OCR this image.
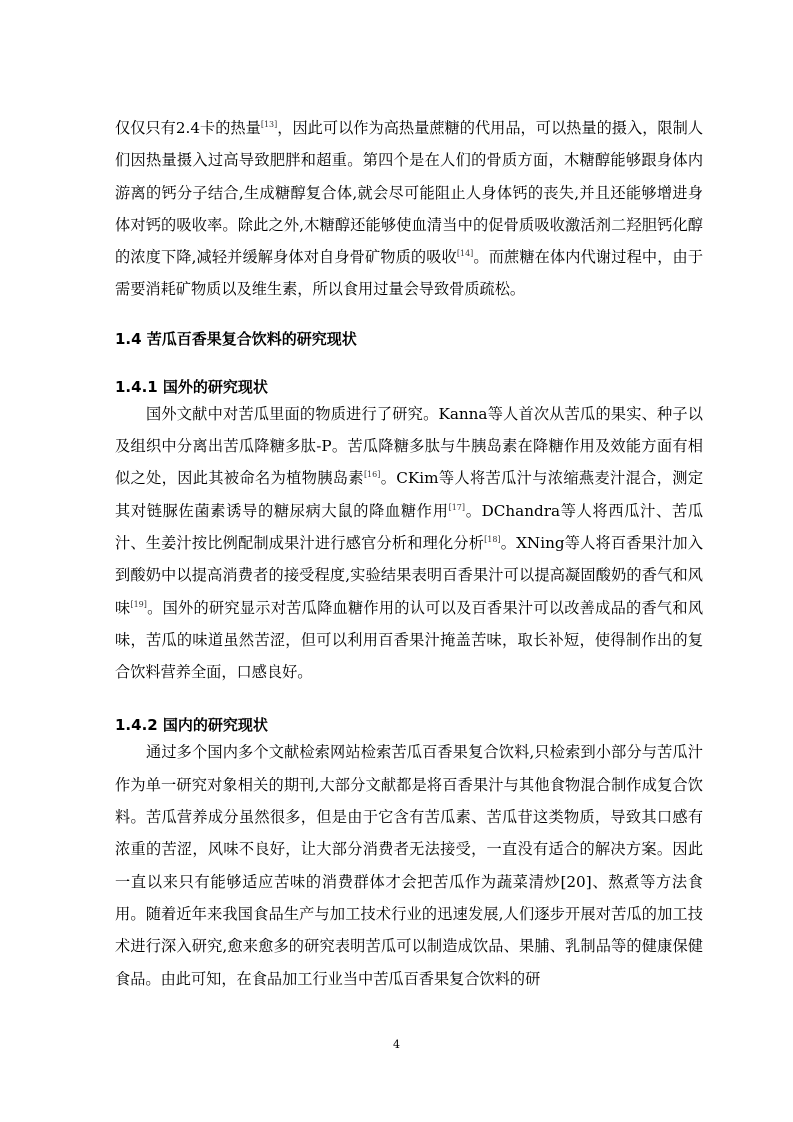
仅仅只有2.4卡的热量[13]，因此可以作为高热量蔗糖的代用品，可以热量的摄入，限制人们因热量摄入过高导致肥胖和超重。第四个是在人们的骨质方面，木糖醇能够跟身体内游离的钙分子结合,生成糖醇复合体,就会尽可能阻止人身体钙的丧失,并且还能够增进身体对钙的吸收率。除此之外,木糖醇还能够使血清当中的促骨质吸收激活剂二羟胆钙化醇的浓度下降,减轻并缓解身体对自身骨矿物质的吸收[14]。而蔗糖在体内代谢过程中，由于需要消耗矿物质以及维生素，所以食用过量会导致骨质疏松。

1.4 苦瓜百香果复合饮料的研究现状
1.4.1 国外的研究现状

国外文献中对苦瓜里面的物质进行了研究。Kanna等人首次从苦瓜的果实、种子以及组织中分离出苦瓜降糖多肽-P。苦瓜降糖多肽与牛胰岛素在降糖作用及效能方面有相似之处，因此其被命名为植物胰岛素[16]。CKim等人将苦瓜汁与浓缩燕麦汁混合，测定其对链脲佐菌素诱导的糖尿病大鼠的降血糖作用[17]。DChandra等人将西瓜汁、苦瓜汁、生姜汁按比例配制成果汁进行感官分析和理化分析[18]。XNing等人将百香果汁加入到酸奶中以提高消费者的接受程度,实验结果表明百香果汁可以提高凝固酸奶的香气和风味[19]。国外的研究显示对苦瓜降血糖作用的认可以及百香果汁可以改善成品的香气和风味，苦瓜的味道虽然苦涩，但可以利用百香果汁掩盖苦味，取长补短，使得制作出的复合饮料营养全面，口感良好。

1.4.2 国内的研究现状

通过多个国内多个文献检索网站检索苦瓜百香果复合饮料,只检索到小部分与苦瓜汁作为单一研究对象相关的期刊,大部分文献都是将百香果汁与其他食物混合制作成复合饮料。苦瓜营养成分虽然很多，但是由于它含有苦瓜素、苦瓜苷这类物质，导致其口感有浓重的苦涩，风味不良好，让大部分消费者无法接受，一直没有适合的解决方案。因此一直以来只有能够适应苦味的消费群体才会把苦瓜作为蔬菜清炒[20]、熬煮等方法食用。随着近年来我国食品生产与加工技术行业的迅速发展,人们逐步开展对苦瓜的加工技术进行深入研究,愈来愈多的研究表明苦瓜可以制造成饮品、果脯、乳制品等的健康保健食品。由此可知，在食品加工行业当中苦瓜百香果复合饮料的研

4
